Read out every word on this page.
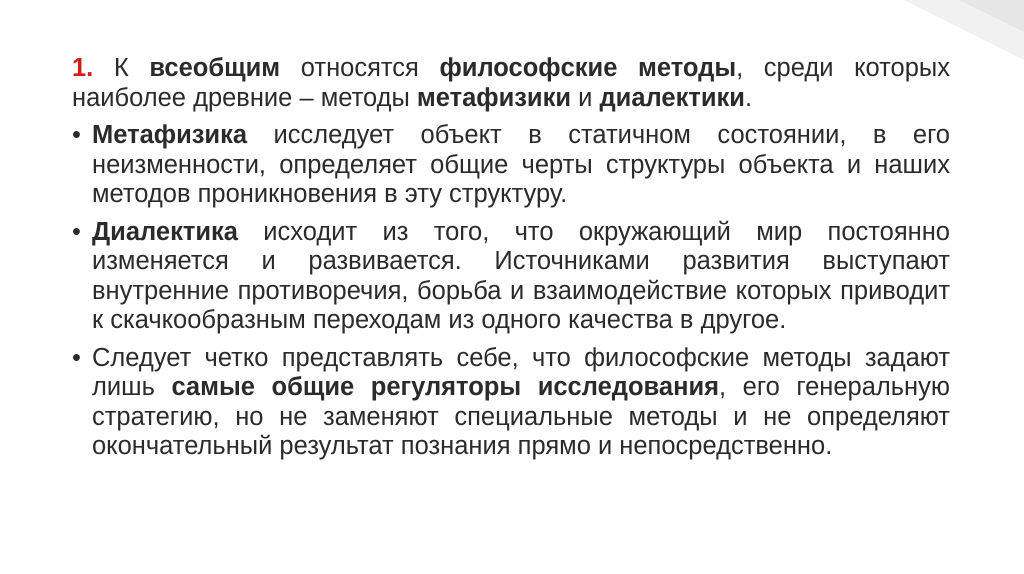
1. К всеобщим относятся философские методы, среди которых наиболее древние – методы метафизики и диалектики.

• Метафизика исследует объект в статичном состоянии, в его неизменности, определяет общие черты структуры объекта и наших методов проникновения в эту структуру.

• Диалектика исходит из того, что окружающий мир постоянно изменяется и развивается. Источниками развития выступают внутренние противоречия, борьба и взаимодействие которых приводит к скачкообразным переходам из одного качества в другое.

• Следует четко представлять себе, что философские методы задают лишь самые общие регуляторы исследования, его генеральную стратегию, но не заменяют специальные методы и не определяют окончательный результат познания прямо и непосредственно.
